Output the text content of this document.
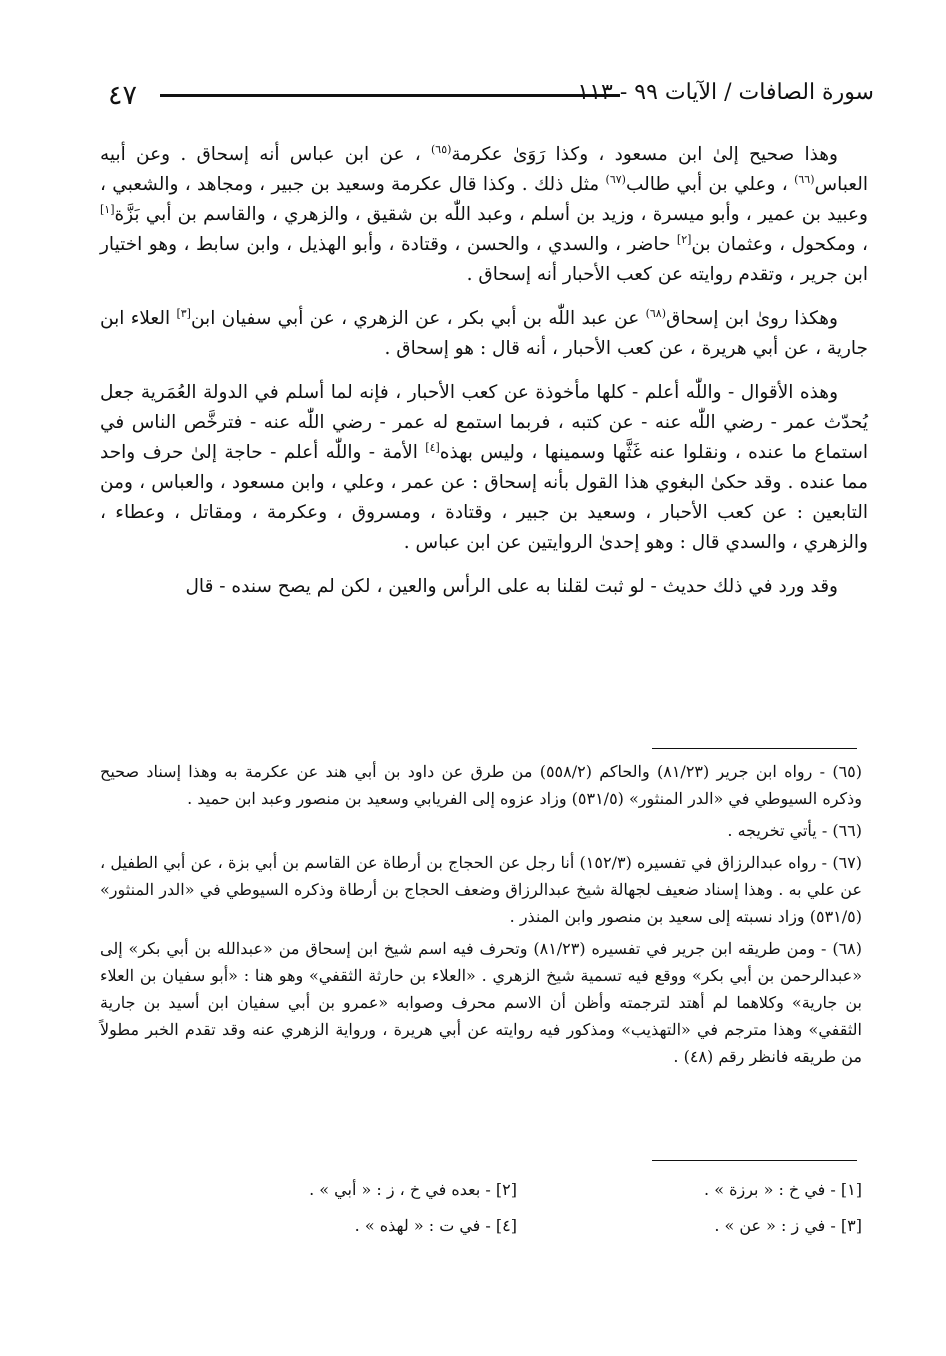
٤٧	سورة الصافات / الآيات ٩٩ - ١١٣

وهذا صحيح إلىٰ ابن مسعود ، وكذا رَوَىٰ عكرمة$^{(٦٥)}$ ، عن ابن عباس أنه إسحاق . وعن أبيه العباس$^{(٦٦)}$ ، وعلي بن أبي طالب$^{(٦٧)}$ مثل ذلك . وكذا قال عكرمة وسعيد بن جبير ، ومجاهد ، والشعبي ، وعبيد بن عمير ، وأبو ميسرة ، وزيد بن أسلم ، وعبد اللّٰه بن شقيق ، والزهري ، والقاسم بن أبي بَزَّة[١] ، ومكحول ، وعثمان بن[٢] حاضر ، والسدي ، والحسن ، وقتادة ، وأبو الهذيل ، وابن سابط ، وهو اختيار ابن جرير ، وتقدم روايته عن كعب الأحبار أنه إسحاق .

وهكذا روىٰ ابن إسحاق$^{(٦٨)}$ عن عبد اللّٰه بن أبي بكر ، عن الزهري ، عن أبي سفيان ابن[٣] العلاء ابن جارية ، عن أبي هريرة ، عن كعب الأحبار ، أنه قال : هو إسحاق .

وهذه الأقوال - واللّٰه أعلم - كلها مأخوذة عن كعب الأحبار ، فإنه لما أسلم في الدولة العُمَرية جعل يُحدّث عمر - رضي اللّٰه عنه - عن كتبه ، فربما استمع له عمر - رضي اللّٰه عنه - فترخَّص الناس في استماع ما عنده ، ونقلوا عنه غَثَّها وسمينها ، وليس بهذه[٤] الأمة - واللّٰه أعلم - حاجة إلىٰ حرف واحد مما عنده . وقد حكىٰ البغوي هذا القول بأنه إسحاق : عن عمر ، وعلي ، وابن مسعود ، والعباس ، ومن التابعين : عن كعب الأحبار ، وسعيد بن جبير ، وقتادة ، ومسروق ، وعكرمة ، ومقاتل ، وعطاء ، والزهري ، والسدي قال : وهو إحدىٰ الروايتين عن ابن عباس .

وقد ورد في ذلك حديث - لو ثبت لقلنا به على الرأس والعين ، لكن لم يصح سنده - قال

(٦٥) - رواه ابن جرير (٨١/٢٣) والحاكم (٥٥٨/٢) من طرق عن داود بن أبي هند عن عكرمة به وهذا إسناد صحيح وذكره السيوطي في «الدر المنثور» (٥٣١/٥) وزاد عزوه إلى الفريابي وسعيد بن منصور وعبد ابن حميد .

(٦٦) - يأتي تخريجه .

(٦٧) - رواه عبدالرزاق في تفسيره (١٥٢/٣) أنا رجل عن الحجاج بن أرطاة عن القاسم بن أبي بزة ، عن أبي الطفيل ، عن علي به . وهذا إسناد ضعيف لجهالة شيخ عبدالرزاق وضعف الحجاج بن أرطاة وذكره السيوطي في «الدر المنثور» (٥٣١/٥) وزاد نسبته إلى سعيد بن منصور وابن المنذر .

(٦٨) - ومن طريقه ابن جرير في تفسيره (٨١/٢٣) وتحرف فيه اسم شيخ ابن إسحاق من «عبدالله بن أبي بكر» إلى «عبدالرحمن بن أبي بكر» ووقع فيه تسمية شيخ الزهري . «العلاء بن حارثة الثقفي» وهو هنا : «أبو سفيان بن العلاء بن جارية» وكلاهما لم أهتد لترجمته وأظن أن الاسم محرف وصوابه «عمرو بن أبي سفيان ابن أسيد بن جارية الثقفي» وهذا مترجم في «التهذيب» ومذكور فيه روايته عن أبي هريرة ، ورواية الزهري عنه وقد تقدم الخبر مطولاً من طريقه فانظر رقم (٤٨) .

[١] - في خ : « برزة » .
[٢] - بعده في خ ، ز : « أبي » .
[٣] - في ز : « عن » .
[٤] - في ت : « لهذه » .
